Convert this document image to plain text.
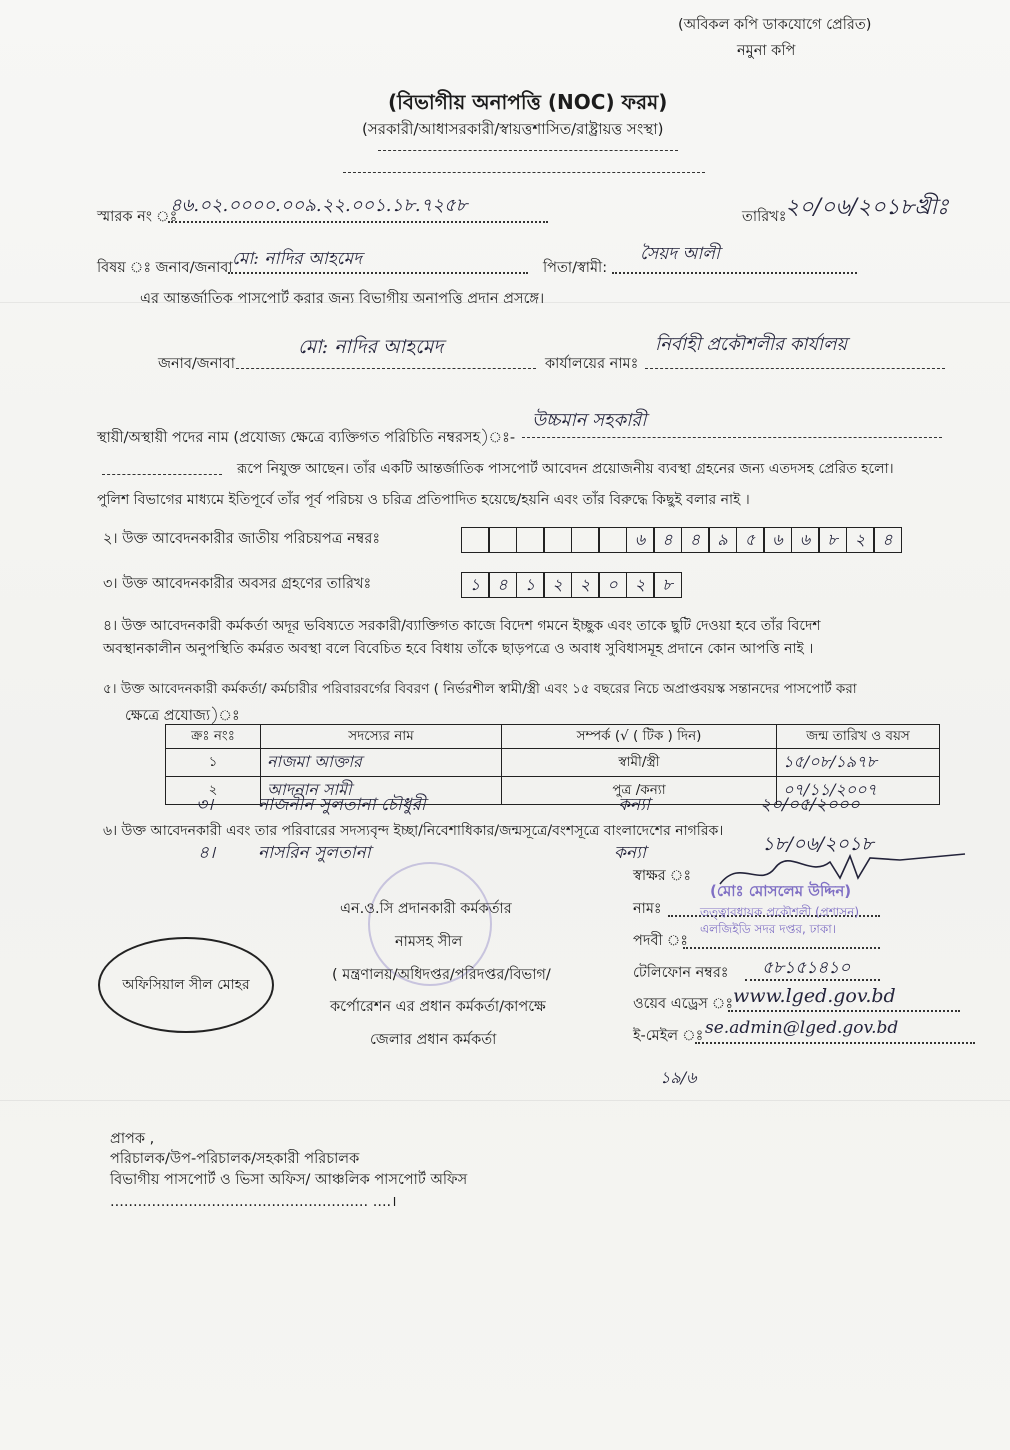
(অবিকল কপি ডাকযোগে প্রেরিত)
নমুনা কপি
(বিভাগীয় অনাপত্তি (NOC) ফরম)
(সরকারী/আধাসরকারী/স্বায়ত্তশাসিত/রাষ্ট্রায়ত্ত সংস্থা)
স্মারক নং ঃ
৪৬.০২.০০০০.০০৯.২২.০০১.১৮.৭২৫৮
তারিখঃ
২০/০৬/২০১৮খ্রীঃ
বিষয় ঃ জনাব/জনাবা মো: নাদির আহমেদ	পিতা/স্বামী:
সৈয়দ আলী
এর আন্তর্জাতিক পাসপোর্ট করার জন্য বিভাগীয় অনাপত্তি প্রদান প্রসঙ্গে।
জনাব/জনাবা
মো: নাদির আহমেদ
কার্যালয়ের নামঃ
নির্বাহী প্রকৌশলীর কার্যালয়
স্থায়ী/অস্থায়ী পদের নাম (প্রযোজ্য ক্ষেত্রে ব্যক্তিগত পরিচিতি নম্বরসহ)ঃ-
উচ্চমান সহকারী
রূপে নিযুক্ত আছেন। তাঁর একটি আন্তর্জাতিক পাসপোর্ট আবেদন প্রয়োজনীয় ব্যবস্থা গ্রহনের জন্য এতদসহ প্রেরিত হলো।
পুলিশ বিভাগের মাধ্যমে ইতিপূর্বে তাঁর পূর্ব পরিচয় ও চরিত্র প্রতিপাদিত হয়েছে/হয়নি এবং তাঁর বিরুদ্ধে কিছুই বলার নাই ।
২। উক্ত আবেদনকারীর জাতীয় পরিচয়পত্র নম্বরঃ	৬	৪	৪	৯	৫	৬	৬	৮	২	৪
৩। উক্ত আবেদনকারীর অবসর গ্রহণের তারিখঃ	১	৪	১	২	২	০	২	৮
৪। উক্ত আবেদনকারী কর্মকর্তা অদূর ভবিষ্যতে সরকারী/ব্যাক্তিগত কাজে বিদেশ গমনে ইচ্ছুক এবং তাকে ছুটি দেওয়া হবে তাঁর বিদেশ
অবস্থানকালীন অনুপস্থিতি কর্মরত অবস্থা বলে বিবেচিত হবে বিধায় তাঁকে ছাড়পত্রে ও অবাধ সুবিধাসমূহ প্রদানে কোন আপত্তি নাই ।
৫। উক্ত আবেদনকারী কর্মকর্তা/ কর্মচারীর পরিবারবর্গের বিবরণ ( নির্ভরশীল স্বামী/স্ত্রী এবং ১৫ বছরের নিচে অপ্রাপ্তবয়স্ক সন্তানদের পাসপোর্ট করা
ক্ষেত্রে প্রযোজ্য)ঃ
ক্রঃ নংঃ	সদস্যের নাম	সম্পর্ক (√ ( টিক ) দিন)	জন্ম তারিখ ও বয়স
১	নাজমা আক্তার	স্বামী/স্ত্রী	১৫/০৮/১৯৭৮
২	আদনান সামী	পুত্র /কন্যা	০৭/১১/২০০৭
৩।	নাজনীন সুলতানা চৌধুরী	কন্যা	২০/০৫/২০০০
৬। উক্ত আবেদনকারী এবং তার পরিবারের সদস্যবৃন্দ ইচ্ছা/নিবেশাধিকার/জন্মসূত্রে/বংশসূত্রে বাংলাদেশের নাগরিক।
৪।	নাসরিন সুলতানা	কন্যা	১৮/০৬/২০১৮
অফিসিয়াল সীল মোহর
এন.ও.সি প্রদানকারী কর্মকর্তার
নামসহ সীল
( মন্ত্রণালয়/অধিদপ্তর/পরিদপ্তর/বিভাগ/
কর্পোরেশন এর প্রধান কর্মকর্তা/কাপক্ষে
জেলার প্রধান কর্মকর্তা
স্বাক্ষর ঃ
(মোঃ মোসলেম উদ্দিন)
নামঃ	তত্ত্বাবধায়ক প্রকৌশলী (প্রশাসন)
এলজিইডি সদর দপ্তর, ঢাকা।
পদবী ঃ
টেলিফোন নম্বরঃ ৫৮১৫১৪১০
ওয়েব এড্রেস ঃ www.lged.gov.bd
ই-মেইল ঃ se.admin@lged.gov.bd
১৯/৬
প্রাপক ,
পরিচালক/উপ-পরিচালক/সহকারী পরিচালক
বিভাগীয় পাসপোর্ট ও ভিসা অফিস/ আঞ্চলিক পাসপোর্ট অফিস
........................................................ ....।
